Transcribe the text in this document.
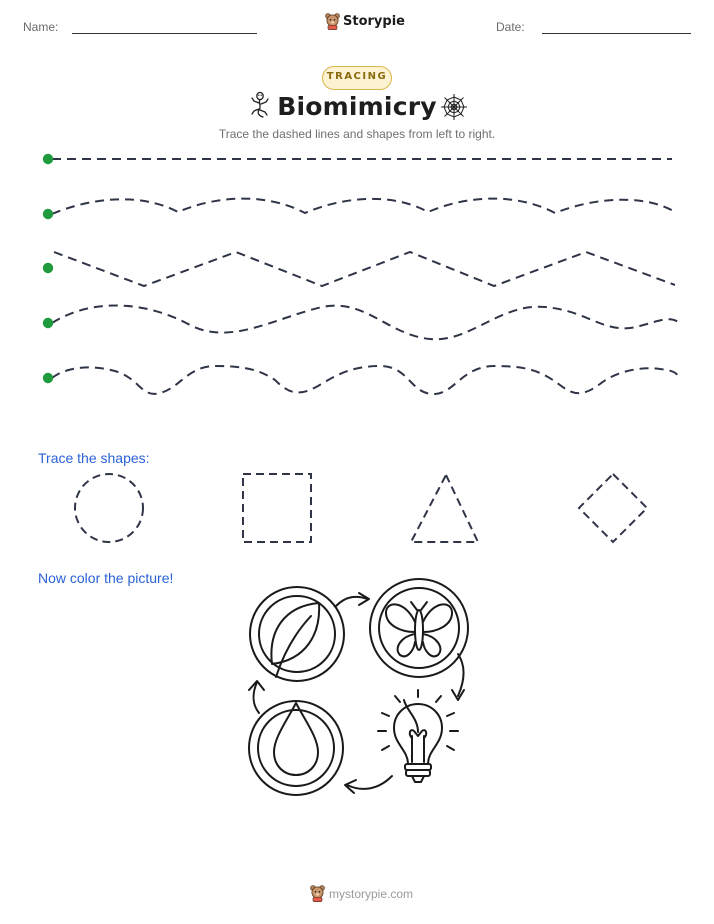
Name:	Storypie	Date:
TRACING
Biomimicry
Trace the dashed lines and shapes from left to right.
Trace the shapes:
Now color the picture!
mystorypie.com
